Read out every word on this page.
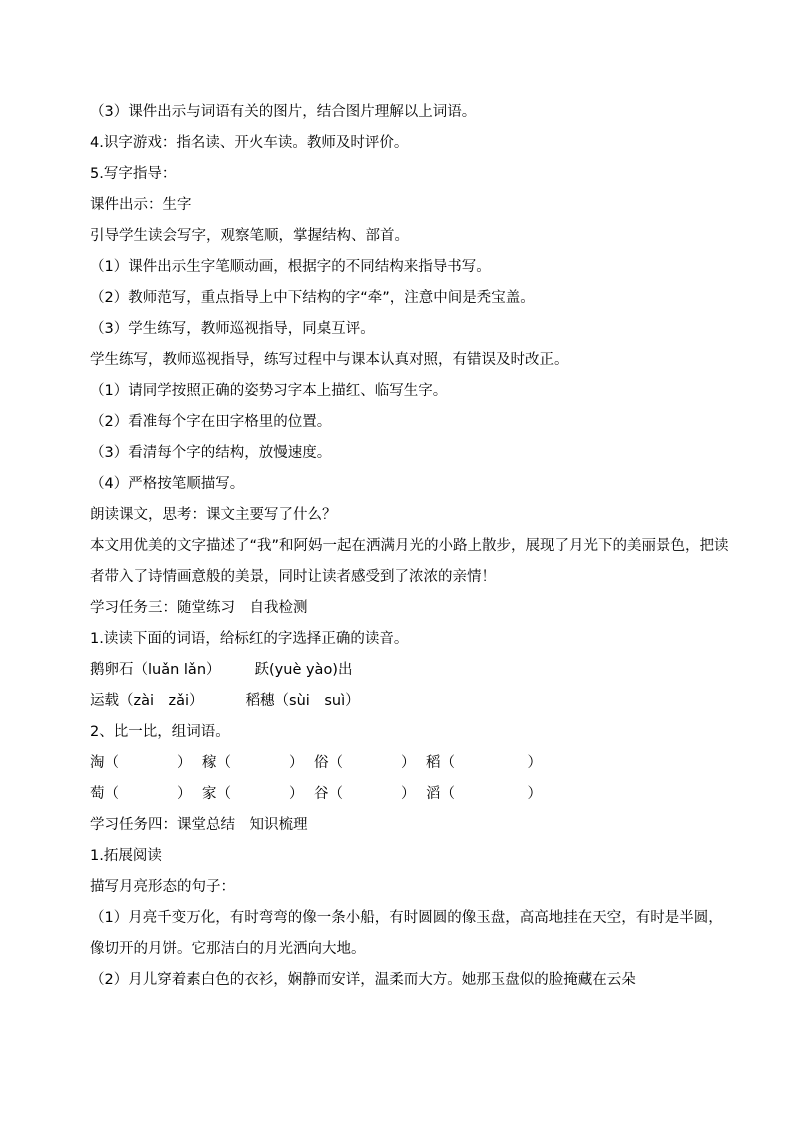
（3）课件出示与词语有关的图片，结合图片理解以上词语。
4.识字游戏：指名读、开火车读。教师及时评价。
5.写字指导：
课件出示：生字
引导学生读会写字，观察笔顺，掌握结构、部首。
（1）课件出示生字笔顺动画，根据字的不同结构来指导书写。
（2）教师范写，重点指导上中下结构的字“牵”，注意中间是秃宝盖。
（3）学生练写，教师巡视指导，同桌互评。
学生练写，教师巡视指导，练写过程中与课本认真对照，有错误及时改正。
（1）请同学按照正确的姿势习字本上描红、临写生字。
（2）看准每个字在田字格里的位置。
（3）看清每个字的结构，放慢速度。
（4）严格按笔顺描写。
朗读课文，思考：课文主要写了什么？
本文用优美的文字描述了“我”和阿妈一起在洒满月光的小路上散步，展现了月光下的美丽景色，把读者带入了诗情画意般的美景，同时让读者感受到了浓浓的亲情！
学习任务三：随堂练习　自我检测
1.读读下面的词语，给标红的字选择正确的读音。
鹅卵石（luǎn lǎn） 跃(yuè yào)出
运载（zài　zǎi）	稻穗（sùi　suì）
2、比一比，组词语。
淘（　　　　） 稼（　　　　） 俗（　　　　） 稻（　　　　　）
萄（　　　　） 家（　　　　） 谷（　　　　） 滔（　　　　　）
学习任务四：课堂总结　知识梳理
1.拓展阅读
描写月亮形态的句子：
（1）月亮千变万化，有时弯弯的像一条小船，有时圆圆的像玉盘，高高地挂在天空，有时是半圆，像切开的月饼。它那洁白的月光洒向大地。
（2）月儿穿着素白色的衣衫，娴静而安详，温柔而大方。她那玉盘似的脸掩藏在云朵
